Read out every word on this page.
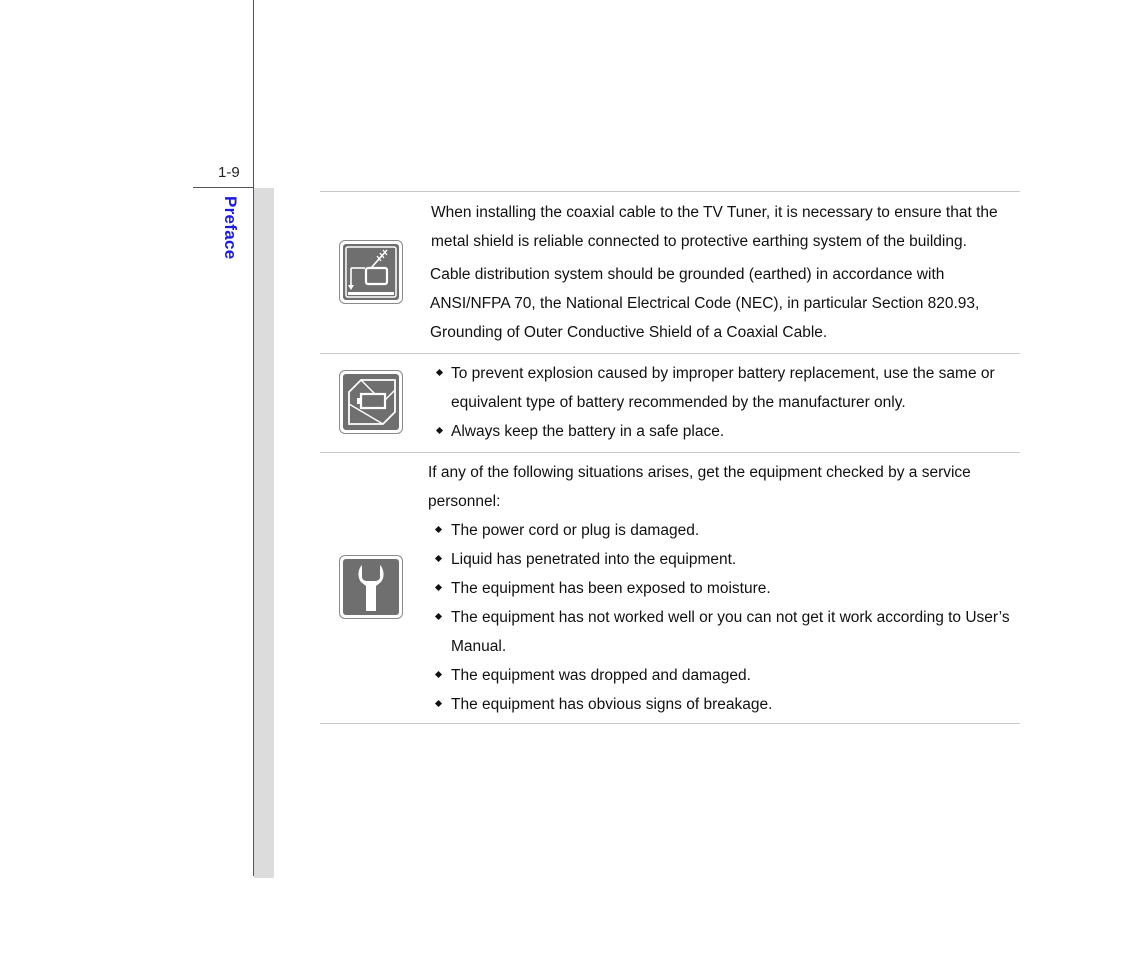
1-9
Preface	When installing the coaxial cable to the TV Tuner, it is necessary to ensure that the metal shield is reliable connected to protective earthing system of the building.

Cable distribution system should be grounded (earthed) in accordance with ANSI/NFPA 70, the National Electrical Code (NEC), in particular Section 820.93, Grounding of Outer Conductive Shield of a Coaxial Cable.

To prevent explosion caused by improper battery replacement, use the same or equivalent type of battery recommended by the manufacturer only.
Always keep the battery in a safe place.

If any of the following situations arises, get the equipment checked by a service personnel:

The power cord or plug is damaged.
Liquid has penetrated into the equipment.
The equipment has been exposed to moisture.
The equipment has not worked well or you can not get it work according to User’s Manual.
The equipment was dropped and damaged.
The equipment has obvious signs of breakage.
